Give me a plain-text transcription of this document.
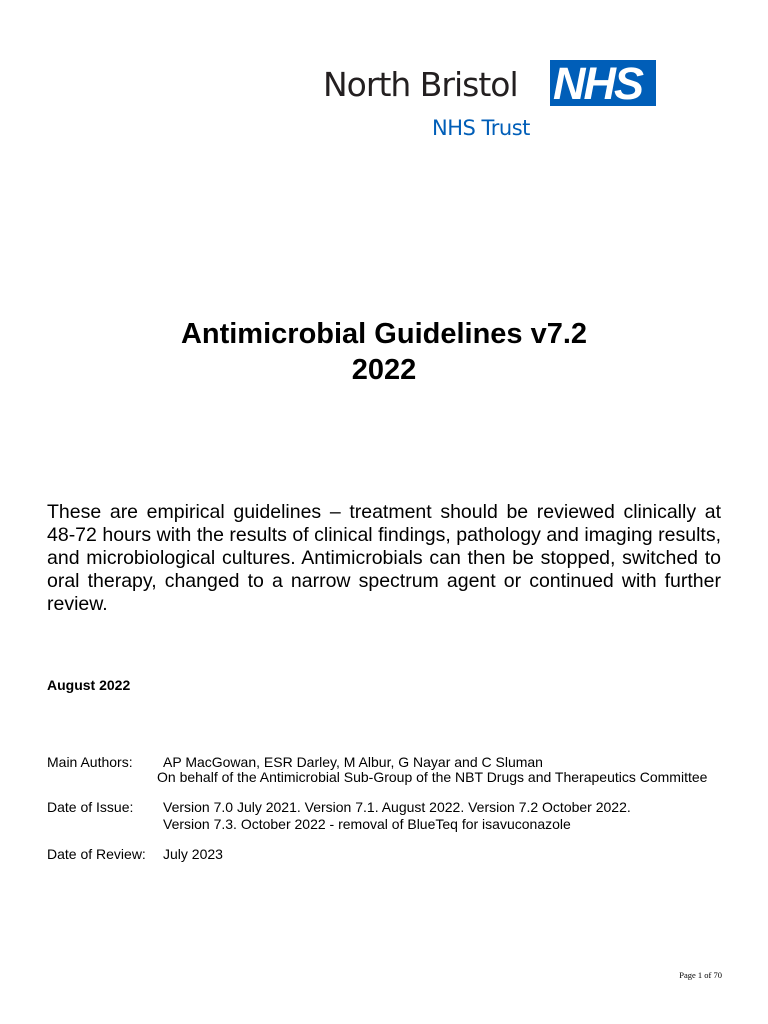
North Bristol NHS
NHS Trust
Antimicrobial Guidelines v7.2
2022

These are empirical guidelines – treatment should be reviewed clinically at 48-72 hours with the results of clinical findings, pathology and imaging results, and microbiological cultures. Antimicrobials can then be stopped, switched to oral therapy, changed to a narrow spectrum agent or continued with further review.

August 2022
Main Authors: AP MacGowan, ESR Darley, M Albur, G Nayar and C Sluman
On behalf of the Antimicrobial Sub-Group of the NBT Drugs and Therapeutics Committee
Date of Issue: Version 7.0 July 2021. Version 7.1. August 2022. Version 7.2 October 2022.
Version 7.3. October 2022 - removal of BlueTeq for isavuconazole
Date of Review: July 2023
Page 1 of 70
